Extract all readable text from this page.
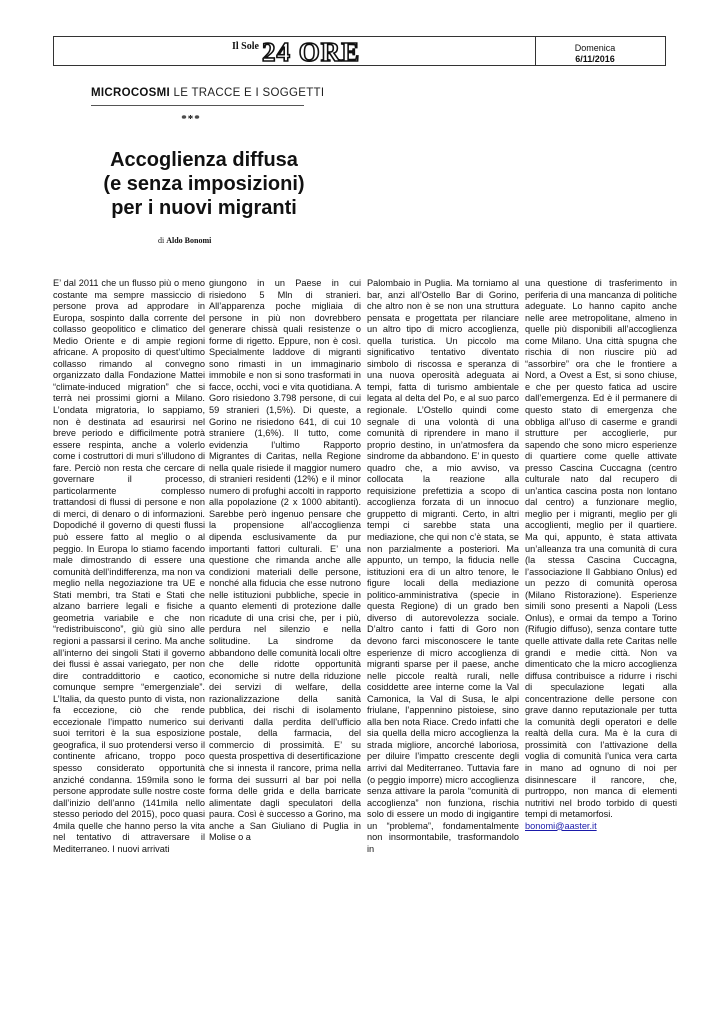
Il Sole 24 ORE	Domenica
6/11/2016
MICROCOSMI LE TRACCE E I SOGGETTI
***
Accoglienza diffusa
(e senza imposizioni)
per i nuovi migranti
di Aldo Bonomi
E’ dal 2011 che un flusso più o meno costante ma sempre massiccio di persone prova ad approdare in Europa, sospinto dalla corrente del collasso geopolitico e climatico del Medio Oriente e di ampie regioni africane. A proposito di quest’ultimo collasso rimando al convegno organizzato dalla Fondazione Mattei “climate-induced migration” che si terrà nei prossimi giorni a Milano. L’ondata migratoria, lo sappiamo, non è destinata ad esaurirsi nel breve periodo e difficilmente potrà essere respinta, anche a volerlo come i costruttori di muri s’illudono di fare. Perciò non resta che cercare di governare il processo, particolarmente complesso trattandosi di flussi di persone e non di merci, di denaro o di informazioni. Dopodiché il governo di questi flussi può essere fatto al meglio o al peggio. In Europa lo stiamo facendo male dimostrando di essere una comunità dell’indifferenza, ma non va meglio nella negoziazione tra UE e Stati membri, tra Stati e Stati che alzano barriere legali e fisiche a geometria variabile e che non “redistribuiscono”, giù giù sino alle regioni a passarsi il cerino. Ma anche all’interno dei singoli Stati il governo dei flussi è assai variegato, per non dire contraddittorio e caotico, comunque sempre “emergenziale”. L’Italia, da questo punto di vista, non fa eccezione, ciò che rende eccezionale l’impatto numerico sui suoi territori è la sua esposizione geografica, il suo protendersi verso il continente africano, troppo poco spesso considerato opportunità anziché condanna. 159mila sono le persone approdate sulle nostre coste dall’inizio dell’anno (141mila nello stesso periodo del 2015), poco quasi 4mila quelle che hanno perso la vita nel tentativo di attraversare il Mediterraneo. I nuovi arrivati
giungono in un Paese in cui risiedono 5 Mln di stranieri. All’apparenza poche migliaia di persone in più non dovrebbero generare chissà quali resistenze o forme di rigetto. Eppure, non è così. Specialmente laddove di migranti sono rimasti in un immaginario immobile e non si sono trasformati in facce, occhi, voci e vita quotidiana. A Goro risiedono 3.798 persone, di cui 59 stranieri (1,5%). Di queste, a Gorino ne risiedono 641, di cui 10 straniere (1,6%). Il tutto, come evidenzia l’ultimo Rapporto Migrantes di Caritas, nella Regione nella quale risiede il maggior numero di stranieri residenti (12%) e il minor numero di profughi accolti in rapporto alla popolazione (2 x 1000 abitanti). Sarebbe però ingenuo pensare che la propensione all’accoglienza dipenda esclusivamente da pur importanti fattori culturali. E’ una questione che rimanda anche alle condizioni materiali delle persone, nonché alla fiducia che esse nutrono nelle istituzioni pubbliche, specie in quanto elementi di protezione dalle ricadute di una crisi che, per i più, perdura nel silenzio e nella solitudine. La sindrome da abbandono delle comunità locali oltre che delle ridotte opportunità economiche si nutre della riduzione dei servizi di welfare, della razionalizzazione della sanità pubblica, dei rischi di isolamento derivanti dalla perdita dell’ufficio postale, della farmacia, del commercio di prossimità. E’ su questa prospettiva di desertificazione che si innesta il rancore, prima nella forma dei sussurri al bar poi nella forma delle grida e della barricate alimentate dagli speculatori della paura. Così è successo a Gorino, ma anche a San Giuliano di Puglia in Molise o a
Palombaio in Puglia. Ma torniamo al bar, anzi all’Ostello Bar di Gorino, che altro non è se non una struttura pensata e progettata per rilanciare un altro tipo di micro accoglienza, quella turistica. Un piccolo ma significativo tentativo diventato simbolo di riscossa e speranza di una nuova operosità adeguata ai tempi, fatta di turismo ambientale legata al delta del Po, e al suo parco regionale. L’Ostello quindi come segnale di una volontà di una comunità di riprendere in mano il proprio destino, in un’atmosfera da sindrome da abbandono. E’ in questo quadro che, a mio avviso, va collocata la reazione alla requisizione prefettizia a scopo di accoglienza forzata di un innocuo gruppetto di migranti. Certo, in altri tempi ci sarebbe stata una mediazione, che qui non c’è stata, se non parzialmente a posteriori. Ma appunto, un tempo, la fiducia nelle istituzioni era di un altro tenore, le figure locali della mediazione politico-amministrativa (specie in questa Regione) di un grado ben diverso di autorevolezza sociale. D’altro canto i fatti di Goro non devono farci misconoscere le tante esperienze di micro accoglienza di migranti sparse per il paese, anche nelle piccole realtà rurali, nelle cosiddette aree interne come la Val Camonica, la Val di Susa, le alpi friulane, l’appennino pistoiese, sino alla ben nota Riace. Credo infatti che sia quella della micro accoglienza la strada migliore, ancorché laboriosa, per diluire l’impatto crescente degli arrivi dal Mediterraneo. Tuttavia fare (o peggio imporre) micro accoglienza senza attivare la parola “comunità di accoglienza” non funziona, rischia solo di essere un modo di ingigantire un “problema”, fondamentalmente non insormontabile, trasformandolo in
una questione di trasferimento in periferia di una mancanza di politiche adeguate. Lo hanno capito anche nelle aree metropolitane, almeno in quelle più disponibili all’accoglienza come Milano. Una città spugna che rischia di non riuscire più ad “assorbire” ora che le frontiere a Nord, a Ovest a Est, si sono chiuse, e che per questo fatica ad uscire dall’emergenza. Ed è il permanere di questo stato di emergenza che obbliga all’uso di caserme e grandi strutture per accoglierle, pur sapendo che sono micro esperienze di quartiere come quelle attivate presso Cascina Cuccagna (centro culturale nato dal recupero di un’antica cascina posta non lontano dal centro) a funzionare meglio, meglio per i migranti, meglio per gli accoglienti, meglio per il quartiere. Ma qui, appunto, è stata attivata un’alleanza tra una comunità di cura (la stessa Cascina Cuccagna, l’associazione Il Gabbiano Onlus) ed un pezzo di comunità operosa (Milano Ristorazione). Esperienze simili sono presenti a Napoli (Less Onlus), e ormai da tempo a Torino (Rifugio diffuso), senza contare tutte quelle attivate dalla rete Caritas nelle grandi e medie città. Non va dimenticato che la micro accoglienza diffusa contribuisce a ridurre i rischi di speculazione legati alla concentrazione delle persone con grave danno reputazionale per tutta la comunità degli operatori e delle realtà della cura. Ma è la cura di prossimità con l’attivazione della voglia di comunità l’unica vera carta in mano ad ognuno di noi per disinnescare il rancore, che, purtroppo, non manca di elementi nutritivi nel brodo torbido di questi tempi di metamorfosi.
bonomi@aaster.it
